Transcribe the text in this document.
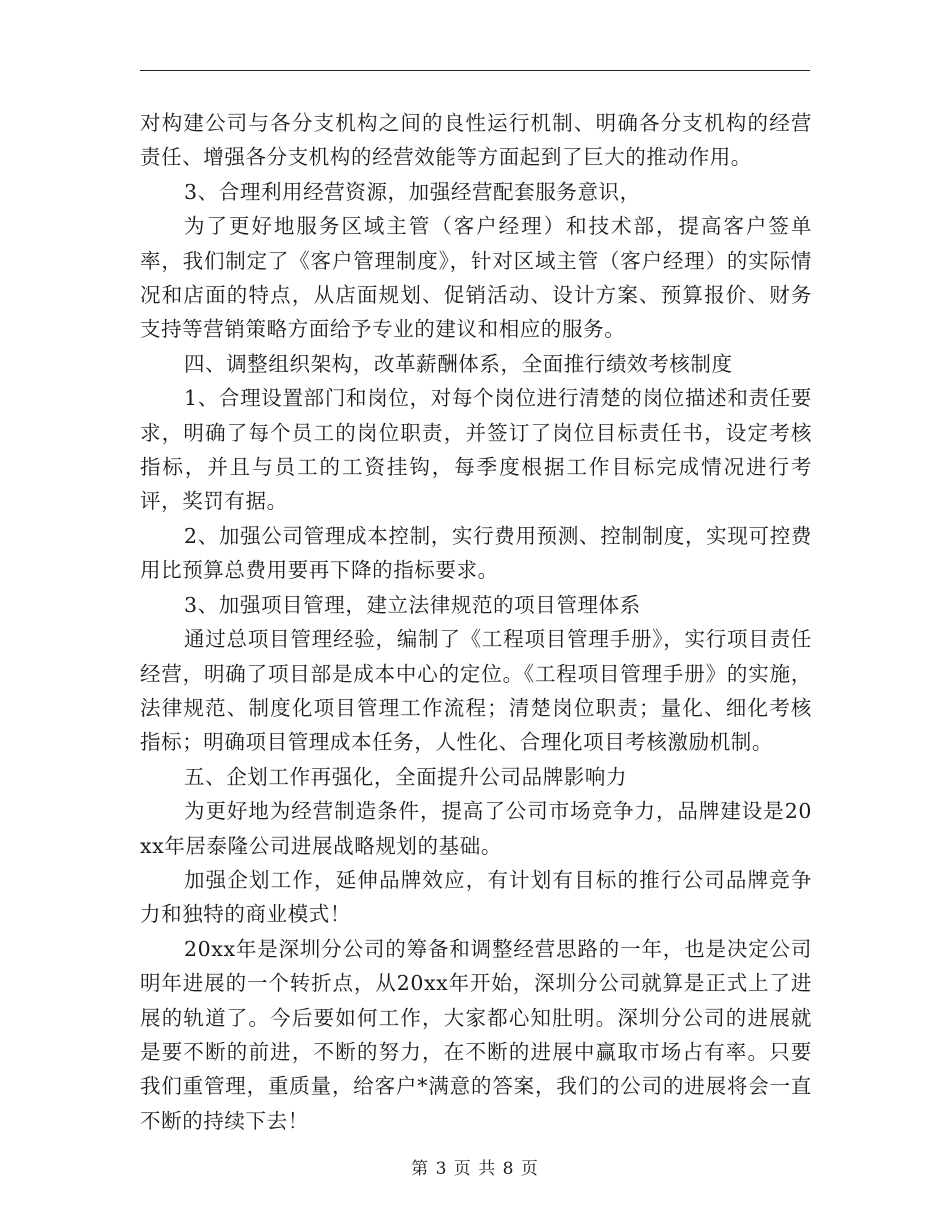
对构建公司与各分支机构之间的良性运行机制、明确各分支机构的经营责任、增强各分支机构的经营效能等方面起到了巨大的推动作用。

3、合理利用经营资源，加强经营配套服务意识，

为了更好地服务区域主管（客户经理）和技术部，提高客户签单率，我们制定了《客户管理制度》，针对区域主管（客户经理）的实际情况和店面的特点，从店面规划、促销活动、设计方案、预算报价、财务支持等营销策略方面给予专业的建议和相应的服务。

四、调整组织架构，改革薪酬体系，全面推行绩效考核制度

1、合理设置部门和岗位，对每个岗位进行清楚的岗位描述和责任要求，明确了每个员工的岗位职责，并签订了岗位目标责任书，设定考核指标，并且与员工的工资挂钩，每季度根据工作目标完成情况进行考评，奖罚有据。

2、加强公司管理成本控制，实行费用预测、控制制度，实现可控费用比预算总费用要再下降的指标要求。

3、加强项目管理，建立法律规范的项目管理体系

通过总项目管理经验，编制了《工程项目管理手册》，实行项目责任经营，明确了项目部是成本中心的定位。《工程项目管理手册》的实施，法律规范、制度化项目管理工作流程；清楚岗位职责；量化、细化考核指标；明确项目管理成本任务，人性化、合理化项目考核激励机制。

五、企划工作再强化，全面提升公司品牌影响力

为更好地为经营制造条件，提高了公司市场竞争力，品牌建设是20xx年居泰隆公司进展战略规划的基础。

加强企划工作，延伸品牌效应，有计划有目标的推行公司品牌竞争力和独特的商业模式！

20xx年是深圳分公司的筹备和调整经营思路的一年，也是决定公司明年进展的一个转折点，从20xx年开始，深圳分公司就算是正式上了进展的轨道了。今后要如何工作，大家都心知肚明。深圳分公司的进展就是要不断的前进，不断的努力，在不断的进展中赢取市场占有率。只要我们重管理，重质量，给客户*满意的答案，我们的公司的进展将会一直不断的持续下去！

第 3 页 共 8 页
